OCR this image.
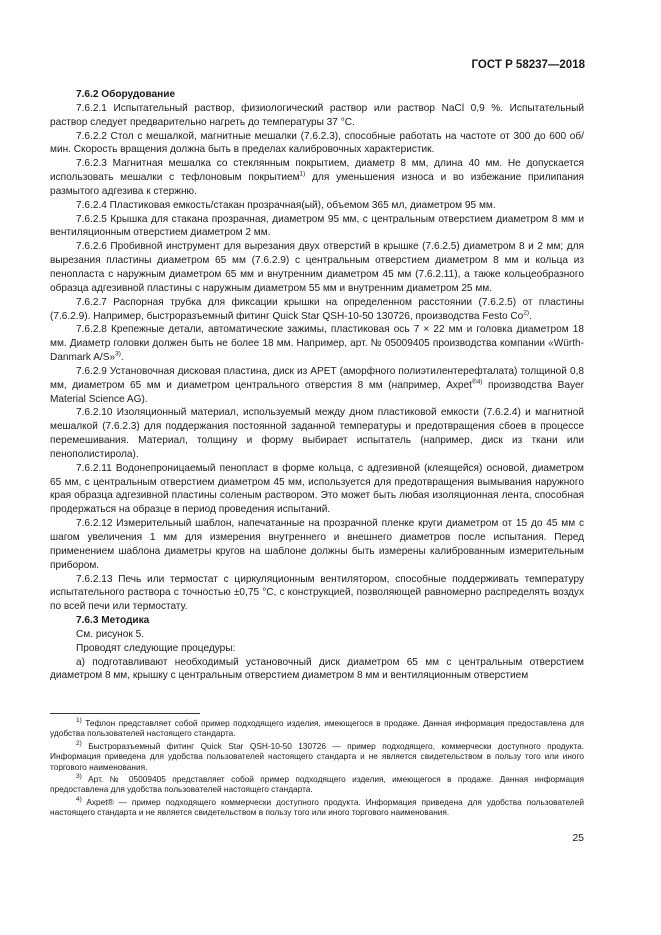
ГОСТ Р 58237—2018

7.6.2 Оборудование

7.6.2.1 Испытательный раствор, физиологический раствор или раствор NaCl 0,9 %. Испытательный раствор следует предварительно нагреть до температуры 37 °С.

7.6.2.2 Стол с мешалкой, магнитные мешалки (7.6.2.3), способные работать на частоте от 300 до 600 об/мин. Скорость вращения должна быть в пределах калибровочных характеристик.

7.6.2.3 Магнитная мешалка со стеклянным покрытием, диаметр 8 мм, длина 40 мм. Не допускается использовать мешалки с тефлоновым покрытием$^{1)}$ для уменьшения износа и во избежание прилипания размытого адгезива к стержню.

7.6.2.4 Пластиковая емкость/стакан прозрачная(ый), объемом 365 мл, диаметром 95 мм.

7.6.2.5 Крышка для стакана прозрачная, диаметром 95 мм, с центральным отверстием диаметром 8 мм и вентиляционным отверстием диаметром 2 мм.

7.6.2.6 Пробивной инструмент для вырезания двух отверстий в крышке (7.6.2.5) диаметром 8 и 2 мм; для вырезания пластины диаметром 65 мм (7.6.2.9) с центральным отверстием диаметром 8 мм и кольца из пенопласта с наружным диаметром 65 мм и внутренним диаметром 45 мм (7.6.2.11), а также кольцеобразного образца адгезивной пластины с наружным диаметром 55 мм и внутренним диаметром 25 мм.

7.6.2.7 Распорная трубка для фиксации крышки на определенном расстоянии (7.6.2.5) от пластины (7.6.2.9). Например, быстроразъемный фитинг Quick Star QSH-10-50 130726, производства Festo Co$^{2)}$.

7.6.2.8 Крепежные детали, автоматические зажимы, пластиковая ось 7 × 22 мм и головка диаметром 18 мм. Диаметр головки должен быть не более 18 мм. Например, арт. № 05009405 производства компании «Würth-Danmark A/S»$^{3)}$.

7.6.2.9 Установочная дисковая пластина, диск из АРЕТ (аморфного полиэтилентерефталата) толщиной 0,8 мм, диаметром 65 мм и диаметром центрального отверстия 8 мм (например, Axpet$^{®4)}$ производства Bayer Material Science AG).

7.6.2.10 Изоляционный материал, используемый между дном пластиковой емкости (7.6.2.4) и магнитной мешалкой (7.6.2.3) для поддержания постоянной заданной температуры и предотвращения сбоев в процессе перемешивания. Материал, толщину и форму выбирает испытатель (например, диск из ткани или пенополистирола).

7.6.2.11 Водонепроницаемый пенопласт в форме кольца, с адгезивной (клеящейся) основой, диаметром 65 мм, с центральным отверстием диаметром 45 мм, используется для предотвращения вымывания наружного края образца адгезивной пластины соленым раствором. Это может быть любая изоляционная лента, способная продержаться на образце в период проведения испытаний.

7.6.2.12 Измерительный шаблон, напечатанные на прозрачной пленке круги диаметром от 15 до 45 мм с шагом увеличения 1 мм для измерения внутреннего и внешнего диаметров после испытания. Перед применением шаблона диаметры кругов на шаблоне должны быть измерены калиброванным измерительным прибором.

7.6.2.13 Печь или термостат с циркуляционным вентилятором, способные поддерживать температуру испытательного раствора с точностью ±0,75 °С, с конструкцией, позволяющей равномерно распределять воздух по всей печи или термостату.

7.6.3 Методика

См. рисунок 5.

Проводят следующие процедуры:

а) подготавливают необходимый установочный диск диаметром 65 мм с центральным отверстием диаметром 8 мм, крышку с центральным отверстием диаметром 8 мм и вентиляционным отверстием

$^{1)}$ Тефлон представляет собой пример подходящего изделия, имеющегося в продаже. Данная информация предоставлена для удобства пользователей настоящего стандарта.

$^{2)}$ Быстроразъемный фитинг Quick Star QSH-10-50 130726 — пример подходящего, коммерчески доступного продукта. Информация приведена для удобства пользователей настоящего стандарта и не является свидетельством в пользу того или иного торгового наименования.

$^{3)}$ Арт. № 05009405 представляет собой пример подходящего изделия, имеющегося в продаже. Данная информация предоставлена для удобства пользователей настоящего стандарта.

$^{4)}$ Axpet® — пример подходящего коммерчески доступного продукта. Информация приведена для удобства пользователей настоящего стандарта и не является свидетельством в пользу того или иного торгового наименования.

25
